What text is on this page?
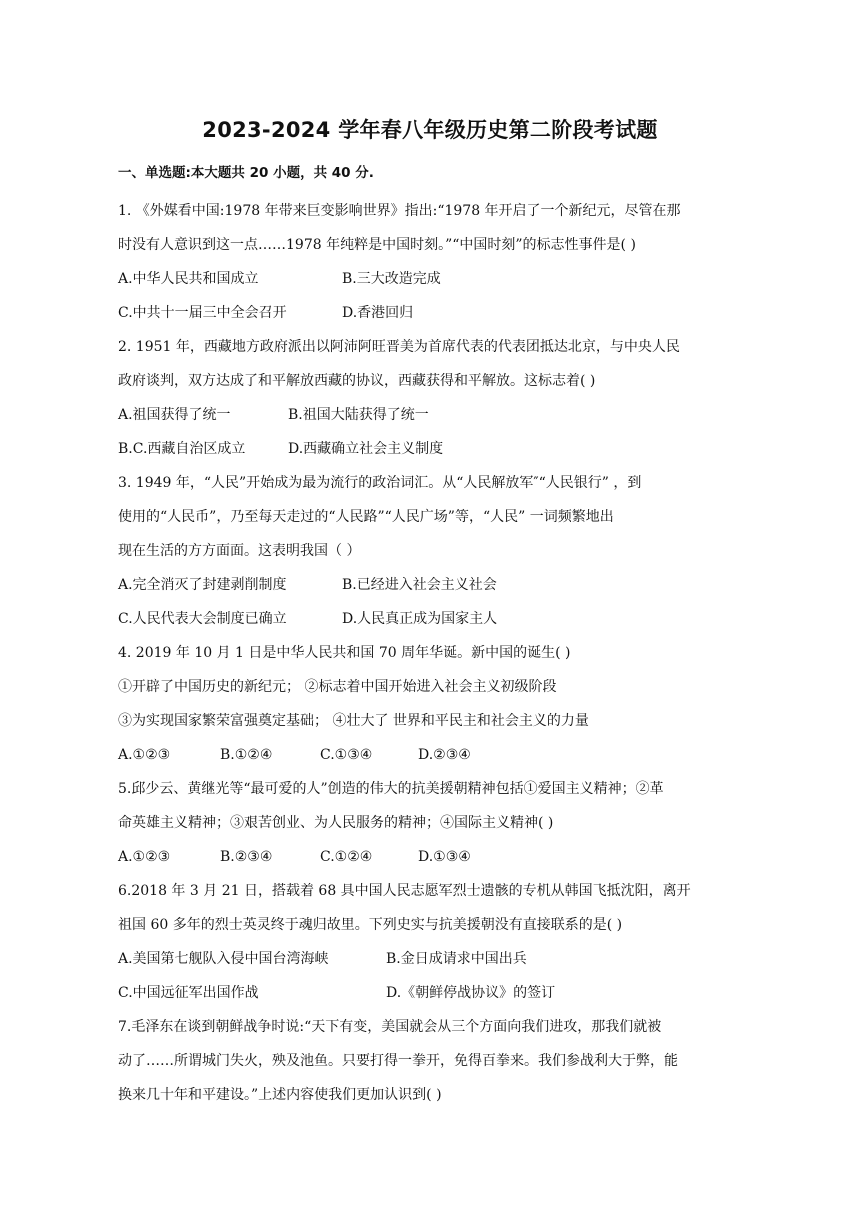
2023-2024 学年春八年级历史第二阶段考试题
一、单选题:本大题共 20 小题，共 40 分.
1. 《外媒看中国:1978 年带来巨变影响世界》指出:“1978 年开启了一个新纪元，尽管在那
时没有人意识到这一点……1978 年纯粹是中国时刻。”“中国时刻”的标志性事件是( )
A.中华人民共和国成立	B.三大改造完成
C.中共十一届三中全会召开	D.香港回归
2. 1951 年，西藏地方政府派出以阿沛阿旺晋美为首席代表的代表团抵达北京，与中央人民
政府谈判，双方达成了和平解放西藏的协议，西藏获得和平解放。这标志着( )
A.祖国获得了统一	B.祖国大陆获得了统一
B.C.西藏自治区成立	D.西藏确立社会主义制度
3. 1949 年，“人民”开始成为最为流行的政治词汇。从“人民解放军″“人民银行” ，到
使用的“人民币”，乃至每天走过的“人民路”“人民广场”等，“人民” 一词频繁地出
现在生活的方方面面。这表明我国（ ）
A.完全消灭了封建剥削制度	B.已经进入社会主义社会
C.人民代表大会制度已确立	D.人民真正成为国家主人
4. 2019 年 10 月 1 日是中华人民共和国 70 周年华诞。新中国的诞生( )
①开辟了中国历史的新纪元； ②标志着中国开始进入社会主义初级阶段
③为实现国家繁荣富强奠定基础； ④壮大了 世界和平民主和社会主义的力量
A.①②③	B.①②④	C.①③④	D.②③④
5.邱少云、黄继光等“最可爱的人”创造的伟大的抗美援朝精神包括①爱国主义精神；②革
命英雄主义精神；③艰苦创业、为人民服务的精神；④国际主义精神( )
A.①②③	B.②③④	C.①②④	D.①③④
6.2018 年 3 月 21 日，搭载着 68 具中国人民志愿军烈士遗骸的专机从韩国飞抵沈阳，离开
祖国 60 多年的烈士英灵终于魂归故里。下列史实与抗美援朝没有直接联系的是( )
A.美国第七舰队入侵中国台湾海峡	B.金日成请求中国出兵
C.中国远征军出国作战	D.《朝鲜停战协议》的签订
7.毛泽东在谈到朝鲜战争时说:“天下有变，美国就会从三个方面向我们进攻，那我们就被
动了……所谓城门失火，殃及池鱼。只要打得一拳开，免得百拳来。我们参战利大于弊，能
换来几十年和平建设。”上述内容使我们更加认识到( )
